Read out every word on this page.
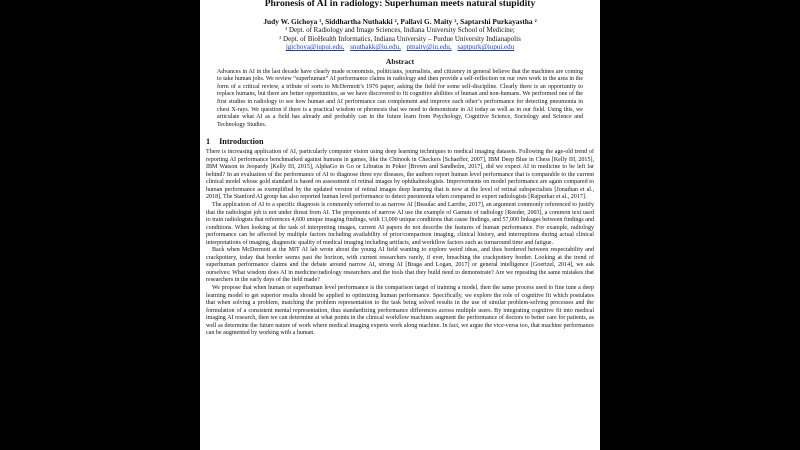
Phronesis of AI in radiology: Superhuman meets natural stupidity
Judy W. Gichoya ¹, Siddhartha Nuthakki ², Pallavi G. Maity ², Saptarshi Purkayastha ²
¹ Dept. of Radiology and Image Sciences, Indiana University School of Medicine;
² Dept. of BioHealth Informatics, Indiana University – Purdue University Indianapolis
jgichoya@iupui.edu, snuthakk@iu.edu, pmaity@iu.edu, saptpurk@iupui.edu
Abstract
Advances in AI in the last decade have clearly made economists, politicians, journalists, and citizenry in general believe that the machines are coming to take human jobs. We review “superhuman” AI performance claims in radiology and then provide a self-reflection on our own work in the area in the form of a critical review, a tribute of sorts to McDermott’s 1976 paper, asking the field for some self-discipline. Clearly there is an opportunity to replace humans, but there are better opportunities, as we have discovered to fit cognitive abilities of human and non-humans. We performed one of the first studies in radiology to see how human and AI performance can complement and improve each other’s performance for detecting pneumonia in chest X-rays. We question if there is a practical wisdom or phronesis that we need to demonstrate in AI today as well as in our field. Using this, we articulate what AI as a field has already and probably can in the future learn from Psychology, Cognitive Science, Sociology and Science and Technology Studies.
1 Introduction

There is increasing application of AI, particularly computer vision using deep learning techniques to medical imaging datasets. Following the age-old trend of reporting AI performance benchmarked against humans in games, like the Chinook in Checkers [Schaeffer, 2007], IBM Deep Blue in Chess [Kelly III, 2015], IBM Watson in Jeopardy [Kelly III, 2015], AlphaGo in Go or Libratus in Poker [Brown and Sandholm, 2017], did we expect AI in medicine to be left far behind? In an evaluation of the performance of AI to diagnose three eye diseases, the authors report human level performance that is comparable to the current clinical model whose gold standard is based on assessment of retinal images by ophthalmologists. Improvements on model performance are again compared to human performance as exemplified by the updated version of retinal images deep learning that is now at the level of retinal subspecialists [Jonathan et al., 2018]. The Stanford AI group has also reported human level performance to detect pneumonia when compared to expert radiologists [Rajpurkar et al., 2017].

The application of AI to a specific diagnosis is commonly referred to as narrow AI [Beaulac and Larribe, 2017], an argument commonly referenced to justify that the radiologist job is not under threat from AI. The proponents of narrow AI use the example of Gamuts of radiology [Reeder, 2003], a common text used to train radiologists that references 4,600 unique imaging findings, with 13,000 unique conditions that cause findings, and 57,000 linkages between findings and conditions. When looking at the task of interpreting images, current AI papers do not describe the features of human performance. For example, radiology performance can be affected by multiple factors including availability of prior/comparison imaging, clinical history, and interruptions during actual clinical interpretations of imaging, diagnostic quality of medical imaging including artifacts, and workflow factors such as turnaround time and fatigue.

Back when McDermott at the MIT AI lab wrote about the young AI field wanting to explore weird ideas, and thus bordered between respectability and crackpottery, today that border seems past the horizon, with current researchers rarely, if ever, breaching the crackpottery border. Looking at the trend of superhuman performance claims and the debate around narrow AI, strong AI [Braga and Logan, 2017] or general intelligence [Goertzel, 2014], we ask ourselves: What wisdom does AI in medicine/radiology researchers and the tools that they build need to demonstrate? Are we repeating the same mistakes that researchers in the early days of the field made?

We propose that when human or superhuman level performance is the comparison target of training a model, then the same process used to fine tune a deep learning model to get superior results should be applied to optimizing human performance. Specifically, we explore the role of cognitive fit which postulates that when solving a problem, matching the problem representation to the task being solved results in the use of similar problem-solving processes and the formulation of a consistent mental representation, thus standardizing performance differences across multiple users. By integrating cognitive fit into medical imaging AI research, then we can determine at what points in the clinical workflow machines augment the performance of doctors to better care for patients, as well as determine the future nature of work where medical imaging experts work along machine. In fact, we argue the vice-versa too, that machine performance can be augmented by working with a human.
